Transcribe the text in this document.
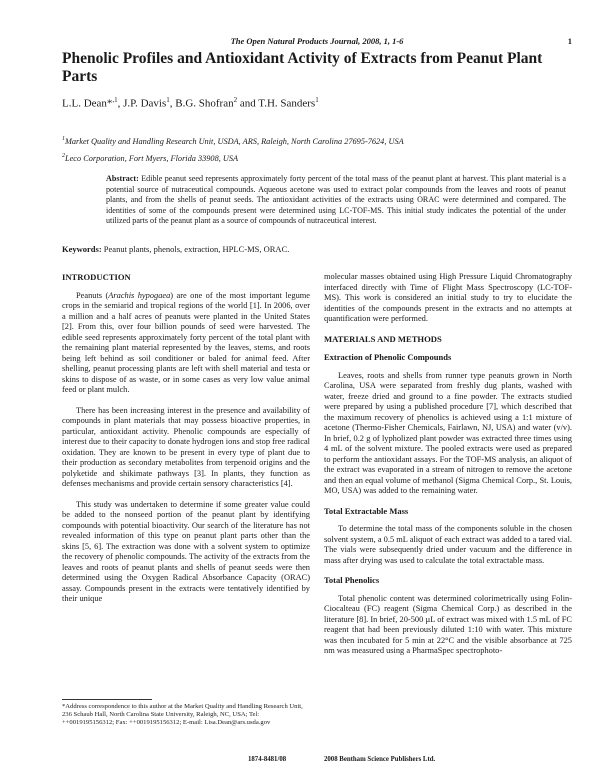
The Open Natural Products Journal, 2008, 1, 1-6	1
Phenolic Profiles and Antioxidant Activity of Extracts from Peanut Plant
Parts
L.L. Dean*$^{,1}$, J.P. Davis$^1$, B.G. Shofran$^2$ and T.H. Sanders$^1$
$^1$Market Quality and Handling Research Unit, USDA, ARS, Raleigh, North Carolina 27695-7624, USA
$^2$Leco Corporation, Fort Myers, Florida 33908, USA
Abstract: Edible peanut seed represents approximately forty percent of the total mass of the peanut plant at harvest. This plant material is a potential source of nutraceutical compounds. Aqueous acetone was used to extract polar compounds from the leaves and roots of peanut plants, and from the shells of peanut seeds. The antioxidant activities of the extracts using ORAC were determined and compared. The identities of some of the compounds present were determined using LC-TOF-MS. This initial study indicates the potential of the under utilized parts of the peanut plant as a source of compounds of nutraceutical interest.
Keywords: Peanut plants, phenols, extraction, HPLC-MS, ORAC.
INTRODUCTION

Peanuts (Arachis hypogaea) are one of the most important legume crops in the semiarid and tropical regions of the world [1]. In 2006, over a million and a half acres of peanuts were planted in the United States [2]. From this, over four billion pounds of seed were harvested. The edible seed represents approximately forty percent of the total plant with the remaining plant material represented by the leaves, stems, and roots being left behind as soil conditioner or baled for animal feed. After shelling, peanut processing plants are left with shell material and testa or skins to dispose of as waste, or in some cases as very low value animal feed or plant mulch.

There has been increasing interest in the presence and availability of compounds in plant materials that may possess bioactive properties, in particular, antioxidant activity. Phenolic compounds are especially of interest due to their capacity to donate hydrogen ions and stop free radical oxidation. They are known to be present in every type of plant due to their production as secondary metabolites from terpenoid origins and the polyketide and shikimate pathways [3]. In plants, they function as defenses mechanisms and provide certain sensory characteristics [4].

This study was undertaken to determine if some greater value could be added to the nonseed portion of the peanut plant by identifying compounds with potential bioactivity. Our search of the literature has not revealed information of this type on peanut plant parts other than the skins [5, 6]. The extraction was done with a solvent system to optimize the recovery of phenolic compounds. The activity of the extracts from the leaves and roots of peanut plants and shells of peanut seeds were then determined using the Oxygen Radical Absorbance Capacity (ORAC) assay. Compounds present in the extracts were tentatively identified by their unique

*Address correspondence to this author at the Market Quality and Handling Research Unit, 236 Schaub Hall, North Carolina State University, Raleigh, NC, USA; Tel: ++0019195156312; Fax: ++0019195156312; E-mail: Lisa.Dean@ars.usda.gov

molecular masses obtained using High Pressure Liquid Chromatography interfaced directly with Time of Flight Mass Spectroscopy (LC-TOF-MS). This work is considered an initial study to try to elucidate the identities of the compounds present in the extracts and no attempts at quantification were performed.

MATERIALS AND METHODS
Extraction of Phenolic Compounds

Leaves, roots and shells from runner type peanuts grown in North Carolina, USA were separated from freshly dug plants, washed with water, freeze dried and ground to a fine powder. The extracts studied were prepared by using a published procedure [7], which described that the maximum recovery of phenolics is achieved using a 1:1 mixture of acetone (Thermo-Fisher Chemicals, Fairlawn, NJ, USA) and water (v/v). In brief, 0.2 g of lypholized plant powder was extracted three times using 4 mL of the solvent mixture. The pooled extracts were used as prepared to perform the antioxidant assays. For the TOF-MS analysis, an aliquot of the extract was evaporated in a stream of nitrogen to remove the acetone and then an equal volume of methanol (Sigma Chemical Corp., St. Louis, MO, USA) was added to the remaining water.

Total Extractable Mass

To determine the total mass of the components soluble in the chosen solvent system, a 0.5 mL aliquot of each extract was added to a tared vial. The vials were subsequently dried under vacuum and the difference in mass after drying was used to calculate the total extractable mass.

Total Phenolics

Total phenolic content was determined colorimetrically using Folin-Ciocalteau (FC) reagent (Sigma Chemical Corp.) as described in the literature [8]. In brief, 20-500 µL of extract was mixed with 1.5 mL of FC reagent that had been previously diluted 1:10 with water. This mixture was then incubated for 5 min at 22°C and the visible absorbance at 725 nm was measured using a PharmaSpec spectrophoto-

1874-8481/08	2008 Bentham Science Publishers Ltd.
